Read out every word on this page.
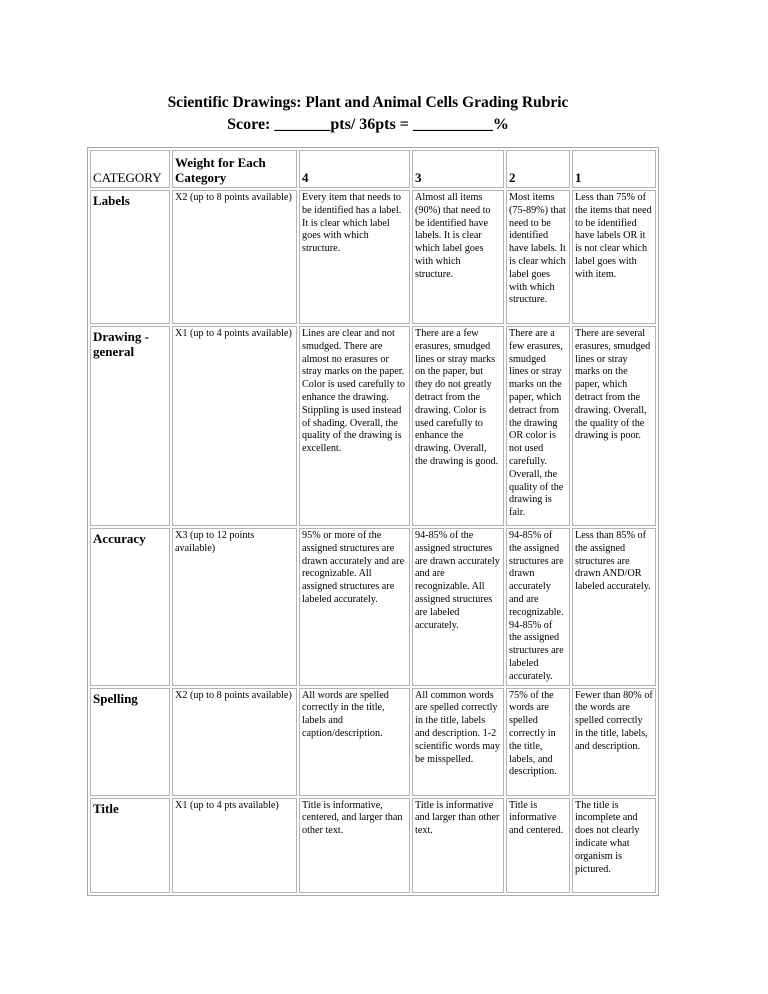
Scientific Drawings: Plant and Animal Cells Grading Rubric
Score: _______pts/ 36pts = __________%
CATEGORY	Weight for Each Category	4	3	2	1
Labels	X2 (up to 8 points available)	Every item that needs to be identified has a label. It is clear which label goes with which structure.	Almost all items (90%) that need to be identified have labels. It is clear which label goes with which structure.	Most items (75-89%) that need to be identified have labels. It is clear which label goes with which structure.	Less than 75% of the items that need to be identified have labels OR it is not clear which label goes with with item.
Drawing - general	X1 (up to 4 points available)	Lines are clear and not smudged. There are almost no erasures or stray marks on the paper. Color is used carefully to enhance the drawing. Stippling is used instead of shading. Overall, the quality of the drawing is excellent.	There are a few erasures, smudged lines or stray marks on the paper, but they do not greatly detract from the drawing. Color is used carefully to enhance the drawing. Overall, the drawing is good.	There are a few erasures, smudged lines or stray marks on the paper, which detract from the drawing OR color is not used carefully. Overall, the quality of the drawing is fair.	There are several erasures, smudged lines or stray marks on the paper, which detract from the drawing. Overall, the quality of the drawing is poor.
Accuracy	X3 (up to 12 points available)	95% or more of the assigned structures are drawn accurately and are recognizable. All assigned structures are labeled accurately.	94-85% of the assigned structures are drawn accurately and are recognizable. All assigned structures are labeled accurately.	94-85% of the assigned structures are drawn accurately and are recognizable. 94-85% of the assigned structures are labeled accurately.	Less than 85% of the assigned structures are drawn AND/OR labeled accurately.
Spelling	X2 (up to 8 points available)	All words are spelled correctly in the title, labels and caption/description.	All common words are spelled correctly in the title, labels and description. 1-2 scientific words may be misspelled.	75% of the words are spelled correctly in the title, labels, and description.	Fewer than 80% of the words are spelled correctly in the title, labels, and description.
Title	X1 (up to 4 pts available)	Title is informative, centered, and larger than other text.	Title is informative and larger than other text.	Title is informative and centered.	The title is incomplete and does not clearly indicate what organism is pictured.
